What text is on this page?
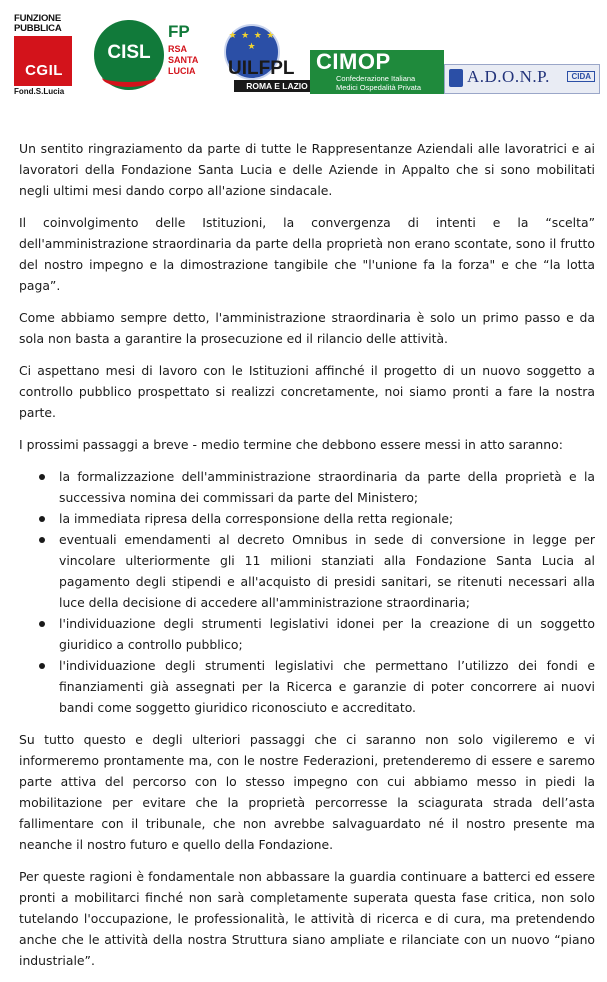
FUNZIONE
PUBBLICA
CGIL
Fond.S.Lucia
CISL
FP
RSA
SANTA
LUCIA
★ ★ ★ ★ ★
UILFPL
ROMA E LAZIO
CIMOP
Confederazione Italiana
Medici Ospedalità Privata
A.D.O.N.P.	CIDA

Un sentito ringraziamento da parte di tutte le Rappresentanze Aziendali alle lavoratrici e ai lavoratori della Fondazione Santa Lucia e delle Aziende in Appalto che si sono mobilitati negli ultimi mesi dando corpo all'azione sindacale.

Il coinvolgimento delle Istituzioni, la convergenza di intenti e la “scelta” dell'amministrazione straordinaria da parte della proprietà non erano scontate, sono il frutto del nostro impegno e la dimostrazione tangibile che "l'unione fa la forza" e che “la lotta paga”.

Come abbiamo sempre detto, l'amministrazione straordinaria è solo un primo passo e da sola non basta a garantire la prosecuzione ed il rilancio delle attività.

Ci aspettano mesi di lavoro con le Istituzioni affinché il progetto di un nuovo soggetto a controllo pubblico prospettato si realizzi concretamente, noi siamo pronti a fare la nostra parte.

I prossimi passaggi a breve - medio termine che debbono essere messi in atto saranno:

la formalizzazione dell'amministrazione straordinaria da parte della proprietà e la successiva nomina dei commissari da parte del Ministero;
la immediata ripresa della corresponsione della retta regionale;
eventuali emendamenti al decreto Omnibus in sede di conversione in legge per vincolare ulteriormente gli 11 milioni stanziati alla Fondazione Santa Lucia al pagamento degli stipendi e all'acquisto di presidi sanitari, se ritenuti necessari alla luce della decisione di accedere all'amministrazione straordinaria;
l'individuazione degli strumenti legislativi idonei per la creazione di un soggetto giuridico a controllo pubblico;
l'individuazione degli strumenti legislativi che permettano l’utilizzo dei fondi e finanziamenti già assegnati per la Ricerca e garanzie di poter concorrere ai nuovi bandi come soggetto giuridico riconosciuto e accreditato.

Su tutto questo e degli ulteriori passaggi che ci saranno non solo vigileremo e vi informeremo prontamente ma, con le nostre Federazioni, pretenderemo di essere e saremo parte attiva del percorso con lo stesso impegno con cui abbiamo messo in piedi la mobilitazione per evitare che la proprietà percorresse la sciagurata strada dell’asta fallimentare con il tribunale, che non avrebbe salvaguardato né il nostro presente ma neanche il nostro futuro e quello della Fondazione.

Per queste ragioni è fondamentale non abbassare la guardia continuare a batterci ed essere pronti a mobilitarci finché non sarà completamente superata questa fase critica, non solo tutelando l'occupazione, le professionalità, le attività di ricerca e di cura, ma pretendendo anche che le attività della nostra Struttura siano ampliate e rilanciate con un nuovo “piano industriale”.
